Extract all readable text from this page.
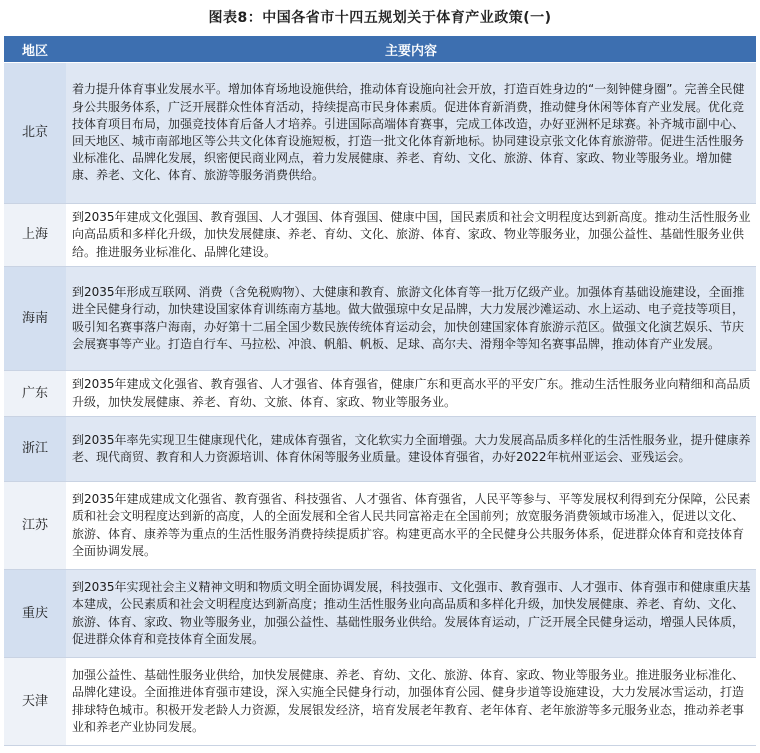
图表8：中国各省市十四五规划关于体育产业政策(一)
地区	主要内容
北京	着力提升体育事业发展水平。增加体育场地设施供给，推动体育设施向社会开放，打造百姓身边的“一刻钟健身圈”。完善全民健身公共服务体系，广泛开展群众性体育活动，持续提高市民身体素质。促进体育新消费，推动健身休闲等体育产业发展。优化竞技体育项目布局，加强竞技体育后备人才培养。引进国际高端体育赛事，完成工体改造，办好亚洲杯足球赛。补齐城市副中心、回天地区、城市南部地区等公共文化体育设施短板，打造一批文化体育新地标。协同建设京张文化体育旅游带。促进生活性服务业标准化、品牌化发展，织密便民商业网点，着力发展健康、养老、育幼、文化、旅游、体育、家政、物业等服务业。增加健康、养老、文化、体育、旅游等服务消费供给。
上海	到2035年建成文化强国、教育强国、人才强国、体育强国、健康中国，国民素质和社会文明程度达到新高度。推动生活性服务业向高品质和多样化升级，加快发展健康、养老、育幼、文化、旅游、体育、家政、物业等服务业，加强公益性、基础性服务业供给。推进服务业标准化、品牌化建设。
海南	到2035年形成互联网、消费（含免税购物）、大健康和教育、旅游文化体育等一批万亿级产业。加强体育基础设施建设，全面推进全民健身行动，加快建设国家体育训练南方基地。做大做强琼中女足品牌，大力发展沙滩运动、水上运动、电子竞技等项目，吸引知名赛事落户海南，办好第十二届全国少数民族传统体育运动会，加快创建国家体育旅游示范区。做强文化演艺娱乐、节庆会展赛事等产业。打造自行车、马拉松、冲浪、帆船、帆板、足球、高尔夫、滑翔伞等知名赛事品牌，推动体育产业发展。
广东	到2035年建成文化强省、教育强省、人才强省、体育强省，健康广东和更高水平的平安广东。推动生活性服务业向精细和高品质升级，加快发展健康、养老、育幼、文旅、体育、家政、物业等服务业。
浙江	到2035年率先实现卫生健康现代化，建成体育强省，文化软实力全面增强。大力发展高品质多样化的生活性服务业，提升健康养老、现代商贸、教育和人力资源培训、体育休闲等服务业质量。建设体育强省，办好2022年杭州亚运会、亚残运会。
江苏	到2035年建成建成文化强省、教育强省、科技强省、人才强省、体育强省，人民平等参与、平等发展权利得到充分保障，公民素质和社会文明程度达到新的高度，人的全面发展和全省人民共同富裕走在全国前列；放宽服务消费领域市场准入，促进以文化、旅游、体育、康养等为重点的生活性服务消费持续提质扩容。构建更高水平的全民健身公共服务体系，促进群众体育和竞技体育全面协调发展。
重庆	到2035年实现社会主义精神文明和物质文明全面协调发展，科技强市、文化强市、教育强市、人才强市、体育强市和健康重庆基本建成，公民素质和社会文明程度达到新高度；推动生活性服务业向高品质和多样化升级，加快发展健康、养老、育幼、文化、旅游、体育、家政、物业等服务业，加强公益性、基础性服务业供给。发展体育运动，广泛开展全民健身运动，增强人民体质，促进群众体育和竞技体育全面发展。
天津	加强公益性、基础性服务业供给，加快发展健康、养老、育幼、文化、旅游、体育、家政、物业等服务业。推进服务业标准化、品牌化建设。全面推进体育强市建设，深入实施全民健身行动，加强体育公园、健身步道等设施建设，大力发展冰雪运动，打造排球特色城市。积极开发老龄人力资源，发展银发经济，培育发展老年教育、老年体育、老年旅游等多元服务业态，推动养老事业和养老产业协同发展。
